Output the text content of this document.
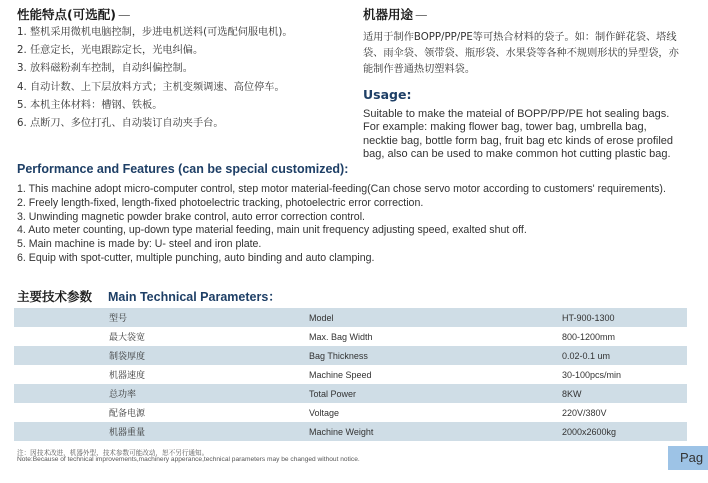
性能特点(可选配) —
1. 整机采用微机电脑控制，步进电机送料(可选配伺服电机)。
2. 任意定长，光电跟踪定长，光电纠偏。
3. 放料磁粉刹车控制，自动纠偏控制。
4. 自动计数、上下层放料方式；主机变频调速、高位停车。
5. 本机主体材料：槽钢、铁板。
6. 点断刀、多位打孔、自动装订自动夹手台。
机器用途 —
适用于制作BOPP/PP/PE等可热合材料的袋子。如：制作鲜花袋、塔线袋、雨伞袋、领带袋、瓶形袋、水果袋等各种不规则形状的异型袋，亦能制作普通热切塑料袋。
Usage:
Suitable to make the mateial of BOPP/PP/PE hot sealing bags. For example: making flower bag, tower bag, umbrella bag, necktie bag, bottle form bag, fruit bag etc kinds of erose profiled bag, also can be used to make common hot cutting plastic bag.
Performance and Features (can be special customized):
1. This machine adopt micro-computer control, step motor material-feeding(Can chose servo motor according to customers' requirements).
2. Freely length-fixed, length-fixed photoelectric tracking, photoelectric error correction.
3. Unwinding magnetic powder brake control, auto error correction control.
4. Auto meter counting, up-down type material feeding, main unit frequency adjusting speed, exalted shut off.
5. Main machine is made by: U- steel and iron plate.
6. Equip with spot-cutter, multiple punching, auto binding and auto clamping.
主要技术参数 Main Technical Parameters：
型号	Model	HT-900-1300
最大袋宽	Max. Bag Width	800-1200mm
制袋厚度	Bag Thickness	0.02-0.1 um
机器速度	Machine Speed	30-100pcs/min
总功率	Total Power	8KW
配备电源	Voltage	220V/380V
机器重量	Machine Weight	2000x2600kg
注：因技术改进，机器外型、技术参数可能改动，恕不另行通知。
Note:Because of technical improvements,machinery apperance,technical parameters may be changed without notice.	Pag
